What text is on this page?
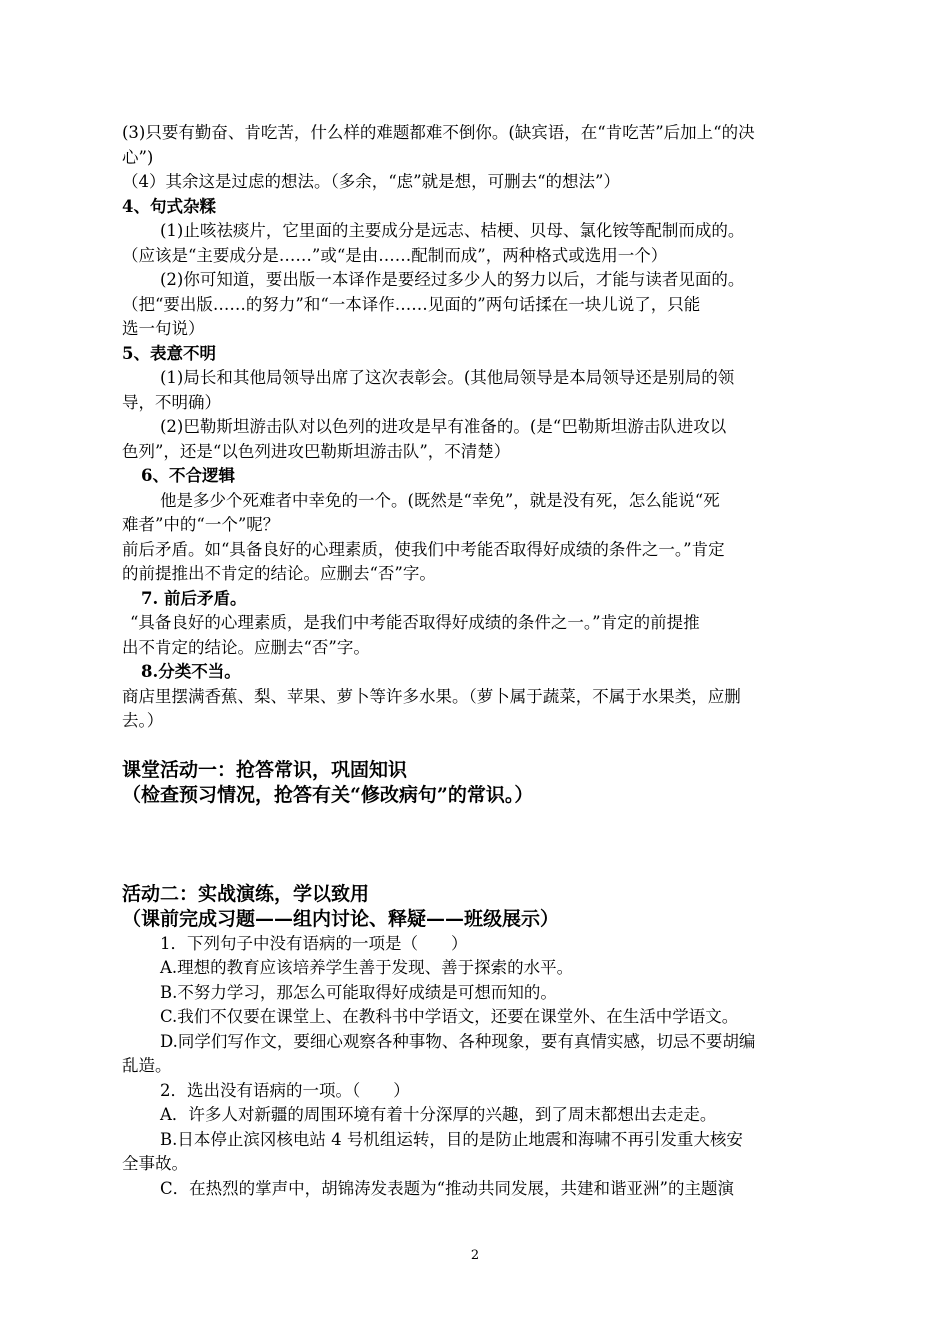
(3)只要有勤奋、肯吃苦，什么样的难题都难不倒你。(缺宾语，在“肯吃苦”后加上“的决
心”)
（4）其余这是过虑的想法。（多余，“虑”就是想，可删去“的想法”）
4、句式杂糅
(1)止咳祛痰片，它里面的主要成分是远志、桔梗、贝母、氯化铵等配制而成的。
（应该是“主要成分是……”或“是由……配制而成”，两种格式或选用一个）
(2)你可知道，要出版一本译作是要经过多少人的努力以后，才能与读者见面的。
（把“要出版……的努力”和“一本译作……见面的”两句话揉在一块儿说了，只能
选一句说）
5、表意不明
(1)局长和其他局领导出席了这次表彰会。(其他局领导是本局领导还是别局的领
导，不明确）
(2)巴勒斯坦游击队对以色列的进攻是早有准备的。(是“巴勒斯坦游击队进攻以
色列”，还是“以色列进攻巴勒斯坦游击队”，不清楚）
6、不合逻辑
他是多少个死难者中幸免的一个。(既然是“幸免”，就是没有死，怎么能说“死
难者”中的“一个”呢？
前后矛盾。如“具备良好的心理素质，使我们中考能否取得好成绩的条件之一。”肯定
的前提推出不肯定的结论。应删去“否”字。
7. 前后矛盾。
“具备良好的心理素质，是我们中考能否取得好成绩的条件之一。”肯定的前提推
出不肯定的结论。应删去“否”字。
8.分类不当。
商店里摆满香蕉、梨、苹果、萝卜等许多水果。（萝卜属于蔬菜，不属于水果类，应删
去。）
课堂活动一：抢答常识，巩固知识
（检查预习情况，抢答有关“修改病句”的常识。）
活动二：实战演练，学以致用
（课前完成习题——组内讨论、释疑——班级展示）
1．下列句子中没有语病的一项是（　　）
A.理想的教育应该培养学生善于发现、善于探索的水平。
B.不努力学习，那怎么可能取得好成绩是可想而知的。
C.我们不仅要在课堂上、在教科书中学语文，还要在课堂外、在生活中学语文。
D.同学们写作文，要细心观察各种事物、各种现象，要有真情实感，切忌不要胡编
乱造。
2．选出没有语病的一项。（　　）
A．许多人对新疆的周围环境有着十分深厚的兴趣，到了周末都想出去走走。
B.日本停止滨冈核电站 4 号机组运转，目的是防止地震和海啸不再引发重大核安
全事故。
C．在热烈的掌声中，胡锦涛发表题为“推动共同发展，共建和谐亚洲”的主题演
2
